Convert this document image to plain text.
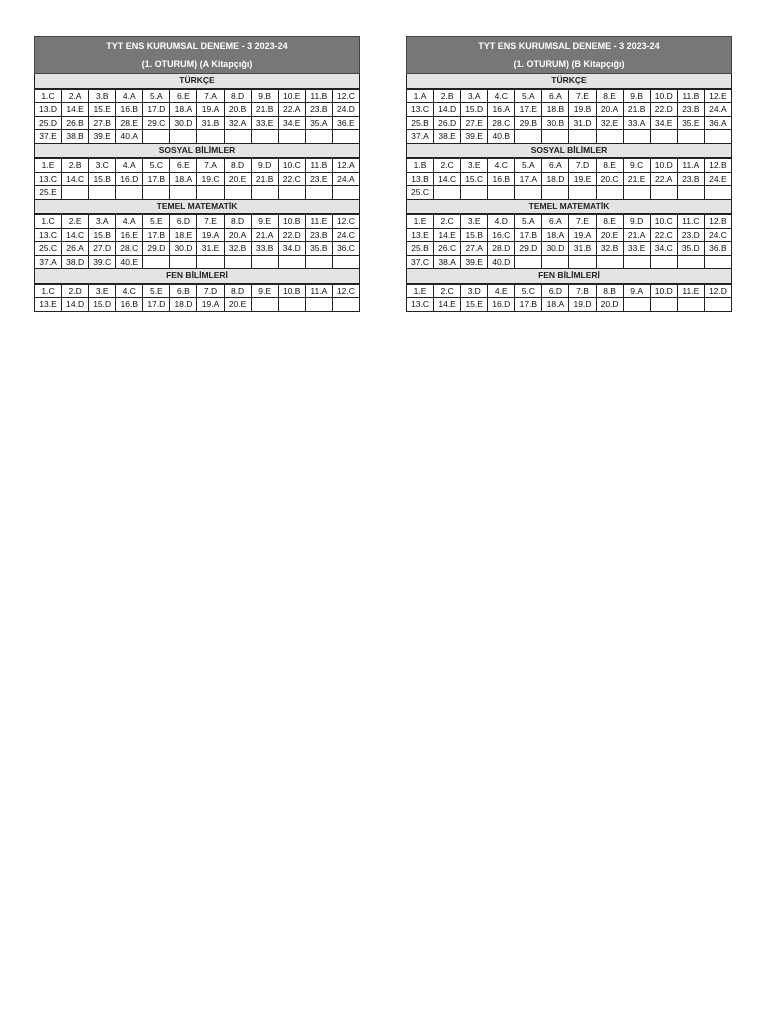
TYT ENS KURUMSAL DENEME - 3 2023-24
(1. OTURUM) (A Kitapçığı)
TÜRKÇE
1.C	2.A	3.B	4.A	5.A	6.E	7.A	8.D	9.B	10.E	11.B	12.C
13.D	14.E	15.E	16.B	17.D	18.A	19.A	20.B	21.B	22.A	23.B	24.D
25.D	26.B	27.B	28.E	29.C	30.D	31.B	32.A	33.E	34.E	35.A	36.E
37.E	38.B	39.E	40.A								
SOSYAL BİLİMLER
1.E	2.B	3.C	4.A	5.C	6.E	7.A	8.D	9.D	10.C	11.B	12.A
13.C	14.C	15.B	16.D	17.B	18.A	19.C	20.E	21.B	22.C	23.E	24.A
25.E											
TEMEL MATEMATİK
1.C	2.E	3.A	4.A	5.E	6.D	7.E	8.D	9.E	10.B	11.E	12.C
13.C	14.C	15.B	16.E	17.B	18.E	19.A	20.A	21.A	22.D	23.B	24.C
25.C	26.A	27.D	28.C	29.D	30.D	31.E	32.B	33.B	34.D	35.B	36.C
37.A	38.D	39.C	40.E								
FEN BİLİMLERİ
1.C	2.D	3.E	4.C	5.E	6.B	7.D	8.D	9.E	10.B	11.A	12.C
13.E	14.D	15.D	16.B	17.D	18.D	19.A	20.E				
TYT ENS KURUMSAL DENEME - 3 2023-24
(1. OTURUM) (B Kitapçığı)
TÜRKÇE
1.A	2.B	3.A	4.C	5.A	6.A	7.E	8.E	9.B	10.D	11.B	12.E
13.C	14.D	15.D	16.A	17.E	18.B	19.B	20.A	21.B	22.D	23.B	24.A
25.B	26.D	27.E	28.C	29.B	30.B	31.D	32.E	33.A	34.E	35.E	36.A
37.A	38.E	39.E	40.B								
SOSYAL BİLİMLER
1.B	2.C	3.E	4.C	5.A	6.A	7.D	8.E	9.C	10.D	11.A	12.B
13.B	14.C	15.C	16.B	17.A	18.D	19.E	20.C	21.E	22.A	23.B	24.E
25.C											
TEMEL MATEMATİK
1.E	2.C	3.E	4.D	5.A	6.A	7.E	8.E	9.D	10.C	11.C	12.B
13.E	14.E	15.B	16.C	17.B	18.A	19.A	20.E	21.A	22.C	23.D	24.C
25.B	26.C	27.A	28.D	29.D	30.D	31.B	32.B	33.E	34.C	35.D	36.B
37.C	38.A	39.E	40.D								
FEN BİLİMLERİ
1.E	2.C	3.D	4.E	5.C	6.D	7.B	8.B	9.A	10.D	11.E	12.D
13.C	14.E	15.E	16.D	17.B	18.A	19.D	20.D				
